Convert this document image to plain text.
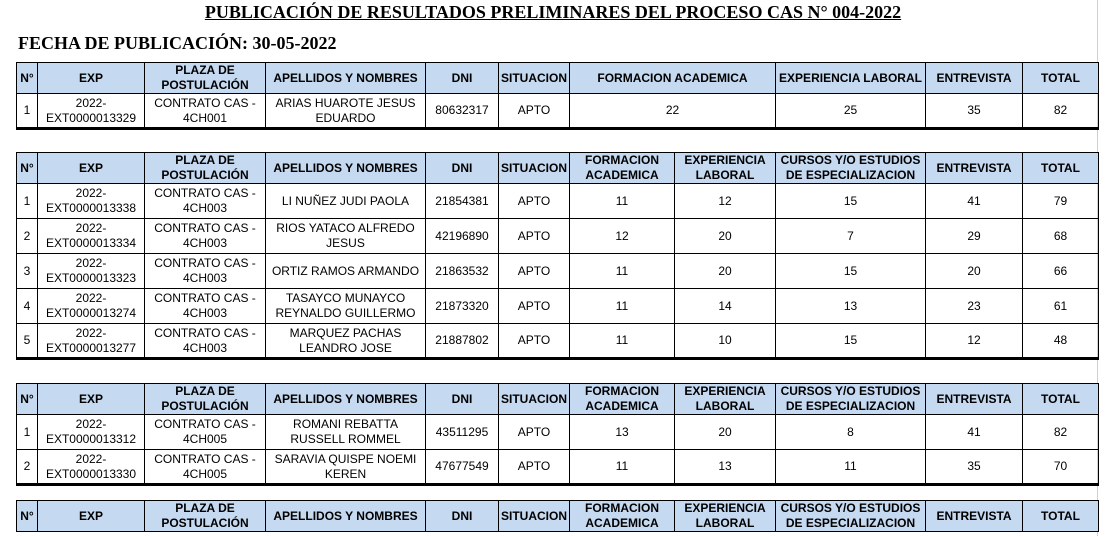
PUBLICACIÓN DE RESULTADOS PRELIMINARES DEL PROCESO CAS N° 004-2022
FECHA DE PUBLICACIÓN: 30-05-2022
N°	EXP	PLAZA DE POSTULACIÓN	APELLIDOS Y NOMBRES	DNI	SITUACION	FORMACION ACADEMICA	EXPERIENCIA LABORAL	ENTREVISTA	TOTAL
1	2022-EXT0000013329	CONTRATO CAS - 4CH001	ARIAS HUAROTE JESUS EDUARDO	80632317	APTO	22	25	35	82
N°	EXP	PLAZA DE POSTULACIÓN	APELLIDOS Y NOMBRES	DNI	SITUACION	FORMACION ACADEMICA	EXPERIENCIA LABORAL	CURSOS Y/O ESTUDIOS DE ESPECIALIZACION	ENTREVISTA	TOTAL
1	2022-EXT0000013338	CONTRATO CAS - 4CH003	LI NUÑEZ JUDI PAOLA	21854381	APTO	11	12	15	41	79
2	2022-EXT0000013334	CONTRATO CAS - 4CH003	RIOS YATACO ALFREDO JESUS	42196890	APTO	12	20	7	29	68
3	2022-EXT0000013323	CONTRATO CAS - 4CH003	ORTIZ RAMOS ARMANDO	21863532	APTO	11	20	15	20	66
4	2022-EXT0000013274	CONTRATO CAS - 4CH003	TASAYCO MUNAYCO REYNALDO GUILLERMO	21873320	APTO	11	14	13	23	61
5	2022-EXT0000013277	CONTRATO CAS - 4CH003	MARQUEZ PACHAS LEANDRO JOSE	21887802	APTO	11	10	15	12	48
N°	EXP	PLAZA DE POSTULACIÓN	APELLIDOS Y NOMBRES	DNI	SITUACION	FORMACION ACADEMICA	EXPERIENCIA LABORAL	CURSOS Y/O ESTUDIOS DE ESPECIALIZACION	ENTREVISTA	TOTAL
1	2022-EXT0000013312	CONTRATO CAS - 4CH005	ROMANI REBATTA RUSSELL ROMMEL	43511295	APTO	13	20	8	41	82
2	2022-EXT0000013330	CONTRATO CAS - 4CH005	SARAVIA QUISPE NOEMI KEREN	47677549	APTO	11	13	11	35	70
N°	EXP	PLAZA DE POSTULACIÓN	APELLIDOS Y NOMBRES	DNI	SITUACION	FORMACION ACADEMICA	EXPERIENCIA LABORAL	CURSOS Y/O ESTUDIOS DE ESPECIALIZACION	ENTREVISTA	TOTAL
